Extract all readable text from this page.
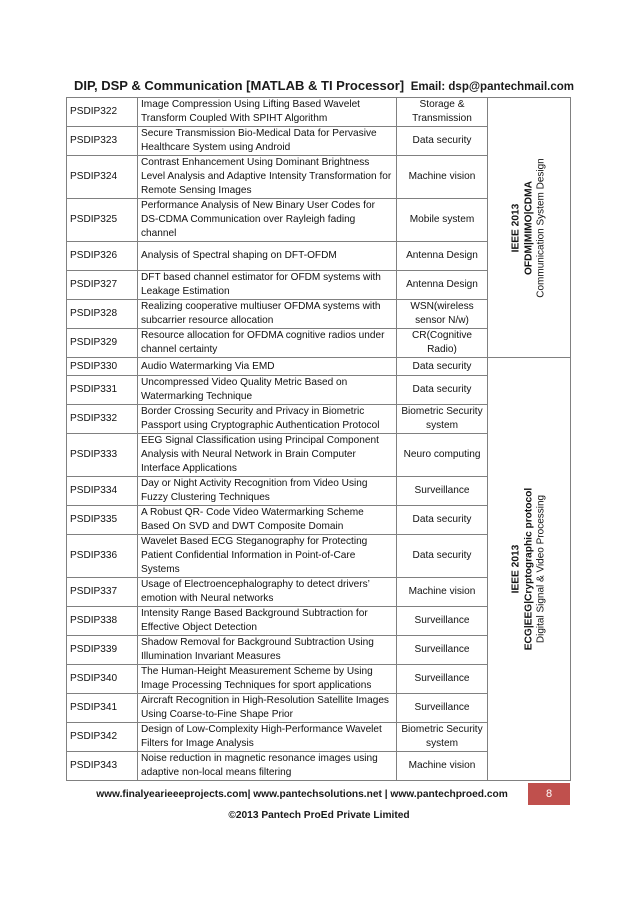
DIP, DSP & Communication [MATLAB & TI Processor] Email: dsp@pantechmail.com
PSDIP322	Image Compression Using Lifting Based Wavelet Transform Coupled With SPIHT Algorithm	Storage & Transmission	IEEE 2013 OFDM|MIMO|CDMA Communication System Design

PSDIP323	Secure Transmission Bio-Medical Data for Pervasive Healthcare System using Android	Data security	
PSDIP324	Contrast Enhancement Using Dominant Brightness Level Analysis and Adaptive Intensity Transformation for Remote Sensing Images	Machine vision	
PSDIP325	Performance Analysis of New Binary User Codes for DS-CDMA Communication over Rayleigh fading channel	Mobile system	
PSDIP326	Analysis of Spectral shaping on DFT-OFDM	Antenna Design	
PSDIP327	DFT based channel estimator for OFDM systems with Leakage Estimation	Antenna Design	
PSDIP328	Realizing cooperative multiuser OFDMA systems with subcarrier resource allocation	WSN(wireless sensor N/w)	
PSDIP329	Resource allocation for OFDMA cognitive radios under channel certainty	CR(Cognitive Radio)	
PSDIP330	Audio Watermarking Via EMD	Data security	IEEE 2013 ECG|EEG|Cryptographic protocol Digital Signal & Video Processing

PSDIP331	Uncompressed Video Quality Metric Based on Watermarking Technique	Data security	
PSDIP332	Border Crossing Security and Privacy in Biometric Passport using Cryptographic Authentication Protocol	Biometric Security system	
PSDIP333	EEG Signal Classification using Principal Component Analysis with Neural Network in Brain Computer Interface Applications	Neuro computing	
PSDIP334	Day or Night Activity Recognition from Video Using Fuzzy Clustering Techniques	Surveillance	
PSDIP335	A Robust QR- Code Video Watermarking Scheme Based On SVD and DWT Composite Domain	Data security	
PSDIP336	Wavelet Based ECG Steganography for Protecting Patient Confidential Information in Point-of-Care Systems	Data security	
PSDIP337	Usage of Electroencephalography to detect drivers’ emotion with Neural networks	Machine vision	
PSDIP338	Intensity Range Based Background Subtraction for Effective Object Detection	Surveillance	
PSDIP339	Shadow Removal for Background Subtraction Using Illumination Invariant Measures	Surveillance	
PSDIP340	The Human-Height Measurement Scheme by Using Image Processing Techniques for sport applications	Surveillance	
PSDIP341	Aircraft Recognition in High-Resolution Satellite Images Using Coarse-to-Fine Shape Prior	Surveillance	
PSDIP342	Design of Low-Complexity High-Performance Wavelet Filters for Image Analysis	Biometric Security system	
PSDIP343	Noise reduction in magnetic resonance images using adaptive non-local means filtering	Machine vision	
www.finalyearieeeprojects.com| www.pantechsolutions.net | www.pantechproed.com	8
©2013 Pantech ProEd Private Limited
